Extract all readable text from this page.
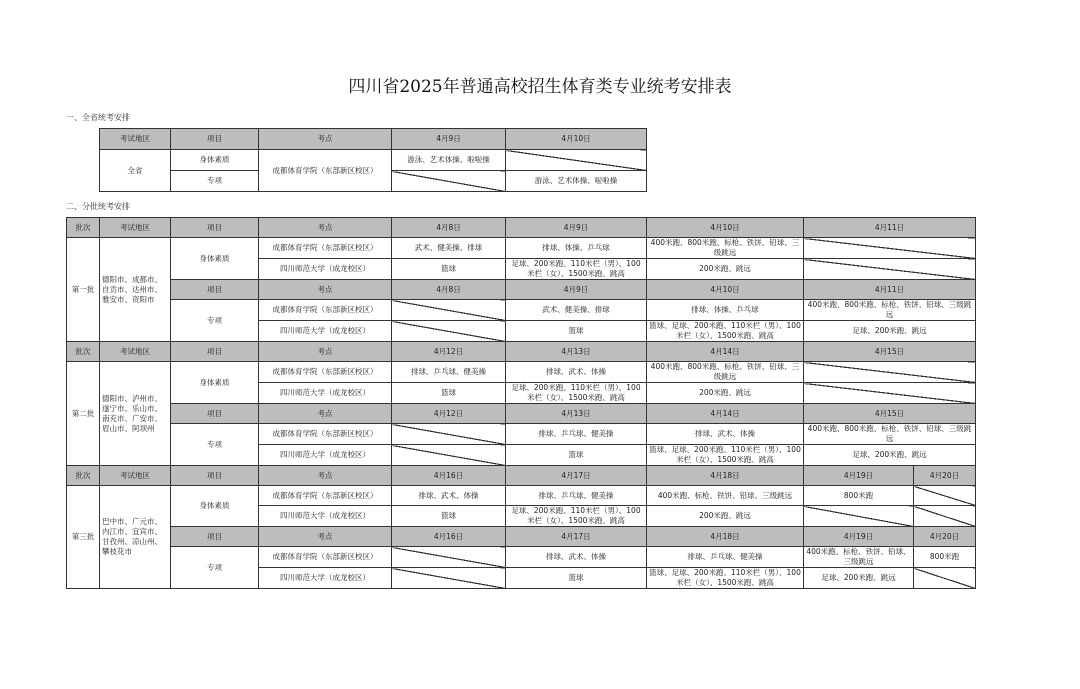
四川省2025年普通高校招生体育类专业统考安排表
一、全省统考安排
考试地区	项目	考点	4月9日	4月10日
全省	身体素质	成都体育学院（东部新区校区）	游泳、艺术体操、啦啦操	
	专项			游泳、艺术体操、啦啦操
二、分批统考安排
批次	考试地区	项目	考点	4月8日	4月9日	4月10日	4月11日	
第一批	德阳市、成都市、自贡市、达州市、雅安市、资阳市	身体素质	成都体育学院（东部新区校区）	武术、健美操、排球	排球、体操、乒乓球	400米跑、800米跑、标枪、铁饼、铅球、三级跳远		
			四川师范大学（成龙校区）	篮球	足球、200米跑、110米栏（男）、100米栏（女）、1500米跑、跳高	200米跑、跳远		
		项目	考点	4月8日	4月9日	4月10日	4月11日	
		专项	成都体育学院（东部新区校区）		武术、健美操、排球	排球、体操、乒乓球	400米跑、800米跑、标枪、铁饼、铅球、三级跳远	
			四川师范大学（成龙校区）		篮球	篮球、足球、200米跑、110米栏（男）、100米栏（女）、1500米跑、跳高	足球、200米跑、跳远	
批次	考试地区	项目	考点	4月12日	4月13日	4月14日	4月15日	
第二批	德阳市、泸州市、遂宁市、乐山市、南充市、广安市、眉山市、阿坝州	身体素质	成都体育学院（东部新区校区）	排球、乒乓球、健美操	排球、武术、体操	400米跑、800米跑、标枪、铁饼、铅球、三级跳远		
			四川师范大学（成龙校区）	篮球	足球、200米跑、110米栏（男）、100米栏（女）、1500米跑、跳高	200米跑、跳远		
		项目	考点	4月12日	4月13日	4月14日	4月15日	
		专项	成都体育学院（东部新区校区）		排球、乒乓球、健美操	排球、武术、体操	400米跑、800米跑、标枪、铁饼、铅球、三级跳远	
			四川师范大学（成龙校区）		篮球	篮球、足球、200米跑、110米栏（男）、100米栏（女）、1500米跑、跳高	足球、200米跑、跳远	
批次	考试地区	项目	考点	4月16日	4月17日	4月18日	4月19日	4月20日
第三批	巴中市、广元市、内江市、宜宾市、甘孜州、凉山州、攀枝花市	身体素质	成都体育学院（东部新区校区）	排球、武术、体操	排球、乒乓球、健美操	400米跑、标枪、铁饼、铅球、三级跳远	800米跑	
			四川师范大学（成龙校区）	篮球	足球、200米跑、110米栏（男）、100米栏（女）、1500米跑、跳高	200米跑、跳远		
		项目	考点	4月16日	4月17日	4月18日	4月19日	4月20日
		专项	成都体育学院（东部新区校区）		排球、武术、体操	排球、乒乓球、健美操	400米跑、标枪、铁饼、铅球、三级跳远	800米跑
			四川师范大学（成龙校区）		篮球	篮球、足球、200米跑、110米栏（男）、100米栏（女）、1500米跑、跳高	足球、200米跑、跳远	
